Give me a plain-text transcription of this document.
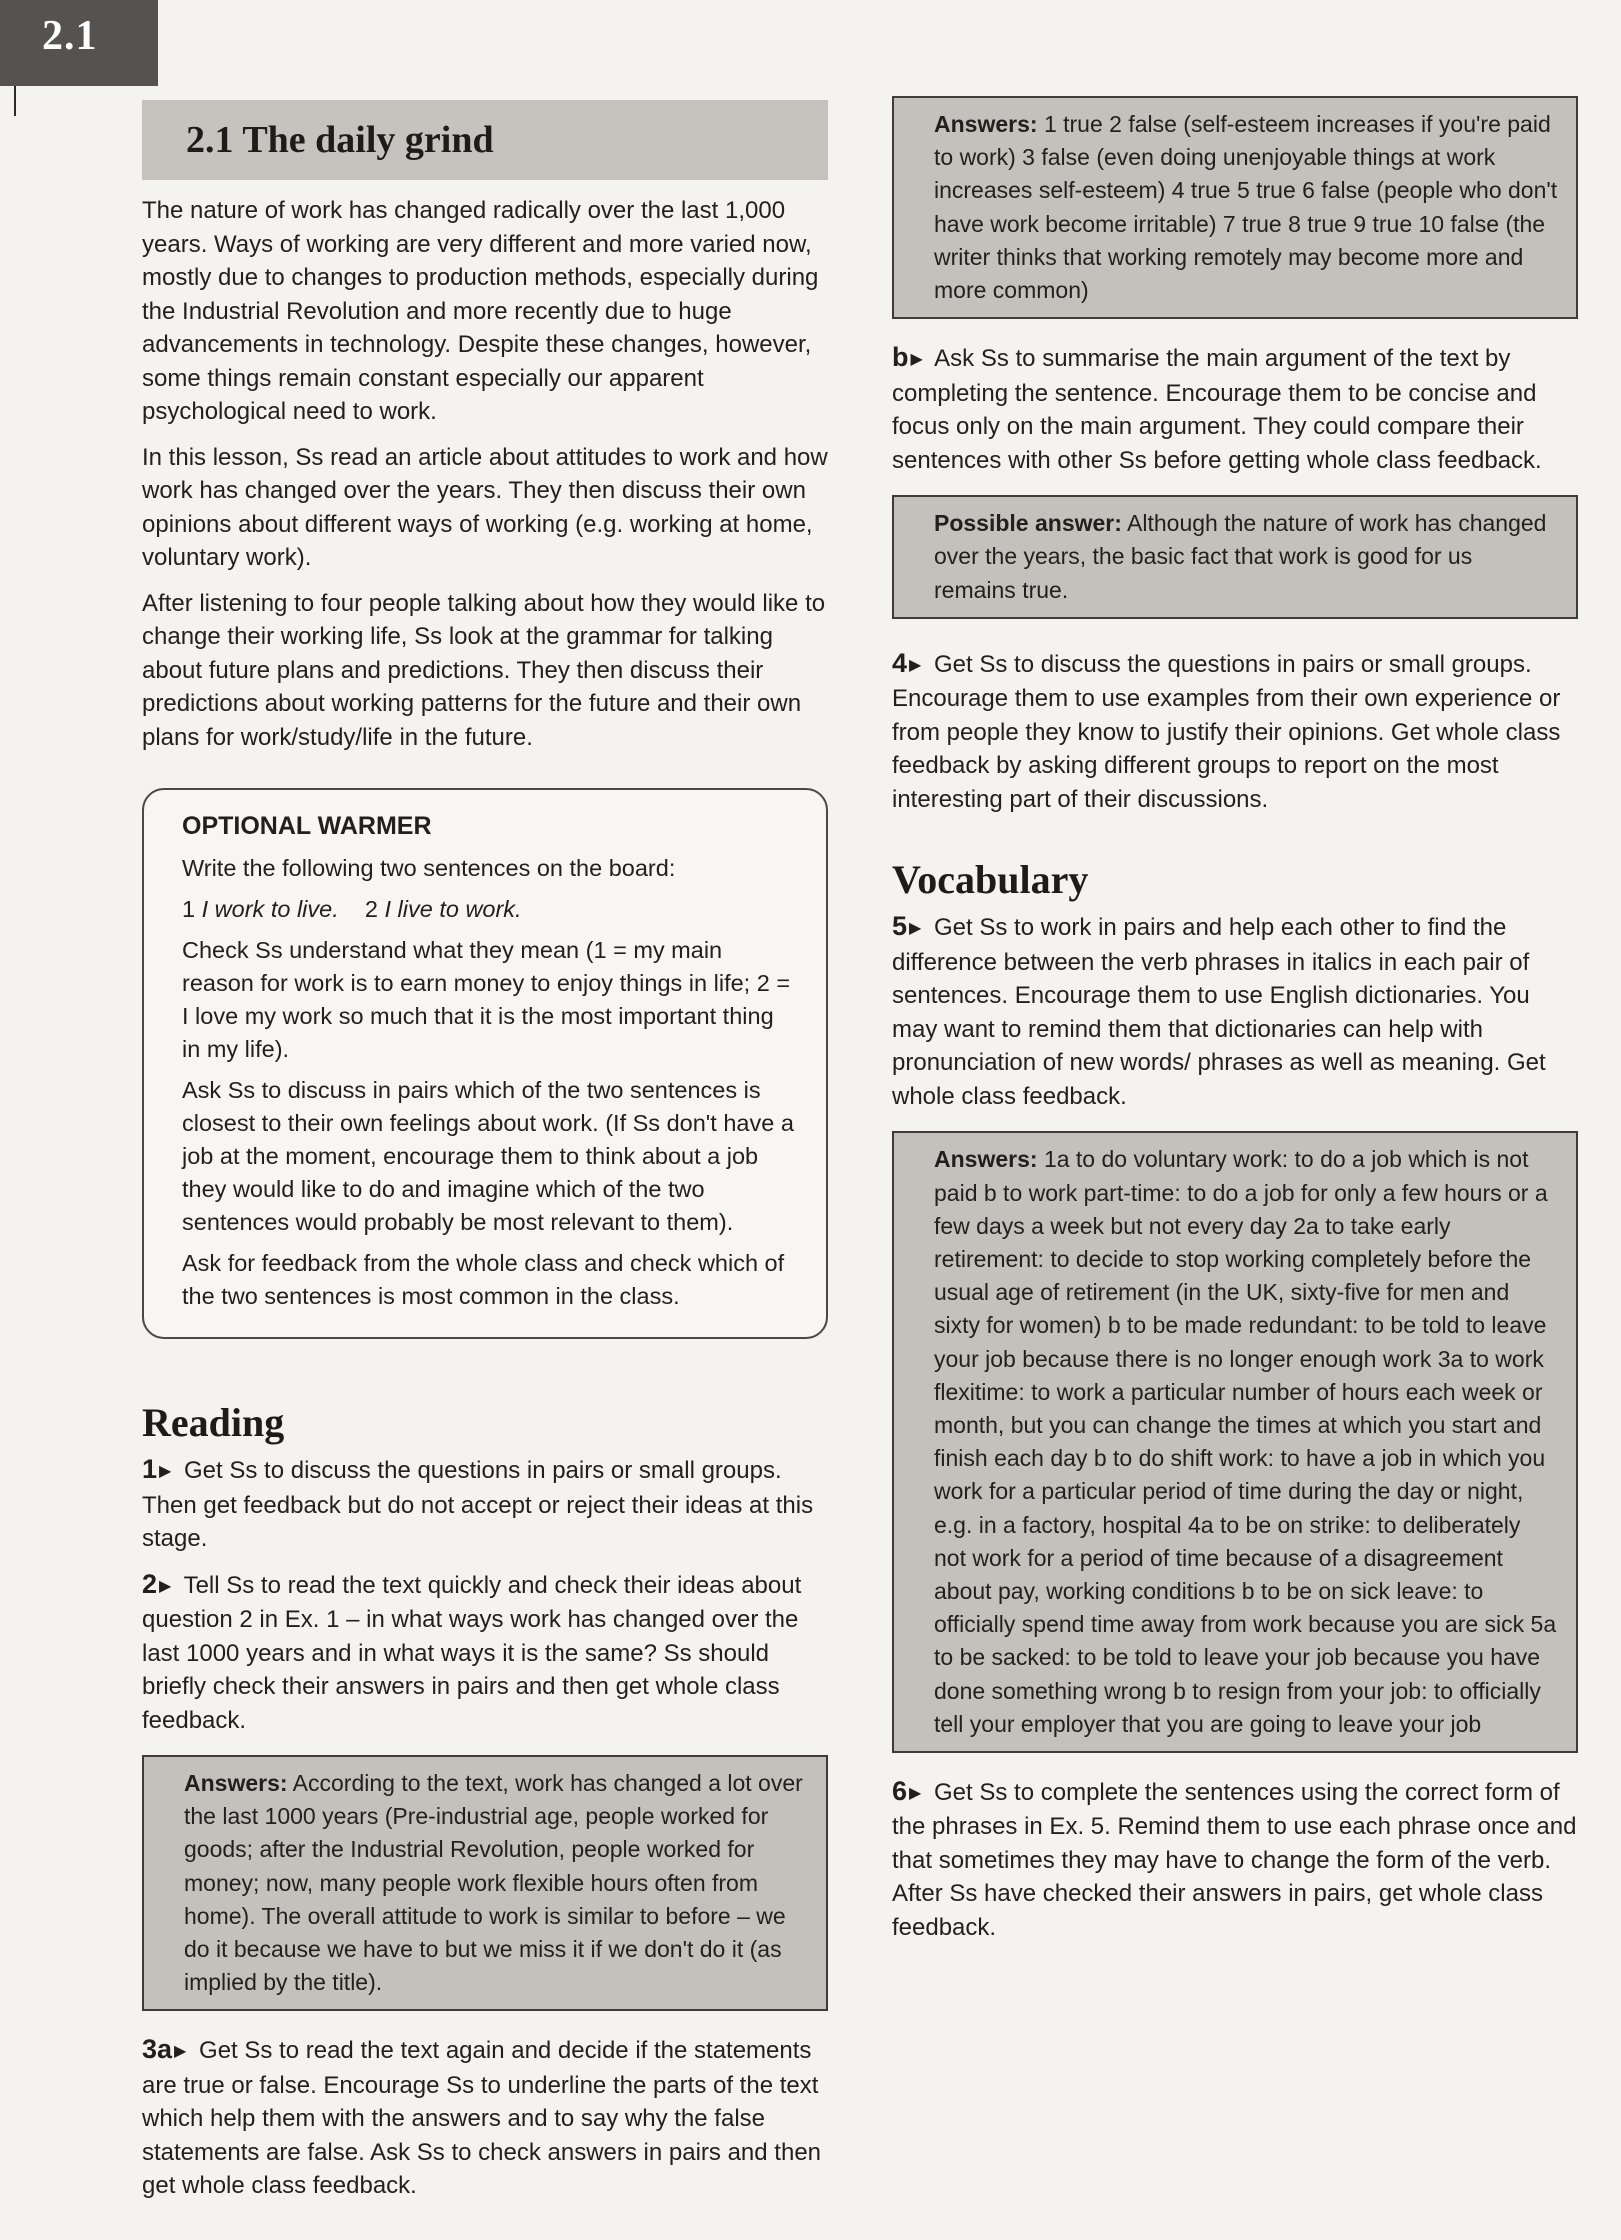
2.1
2.1 The daily grind

The nature of work has changed radically over the last 1,000 years. Ways of working are very different and more varied now, mostly due to changes to production methods, especially during the Industrial Revolution and more recently due to huge advancements in technology. Despite these changes, however, some things remain constant especially our apparent psychological need to work.

In this lesson, Ss read an article about attitudes to work and how work has changed over the years. They then discuss their own opinions about different ways of working (e.g. working at home, voluntary work).

After listening to four people talking about how they would like to change their working life, Ss look at the grammar for talking about future plans and predictions. They then discuss their predictions about working patterns for the future and their own plans for work/study/life in the future.

OPTIONAL WARMER

Write the following two sentences on the board:

1 I work to live. 2 I live to work.

Check Ss understand what they mean (1 = my main reason for work is to earn money to enjoy things in life; 2 = I love my work so much that it is the most important thing in my life).

Ask Ss to discuss in pairs which of the two sentences is closest to their own feelings about work. (If Ss don't have a job at the moment, encourage them to think about a job they would like to do and imagine which of the two sentences would probably be most relevant to them).

Ask for feedback from the whole class and check which of the two sentences is most common in the class.

Reading

1 ▶ Get Ss to discuss the questions in pairs or small groups. Then get feedback but do not accept or reject their ideas at this stage.

2 ▶ Tell Ss to read the text quickly and check their ideas about question 2 in Ex. 1 – in what ways work has changed over the last 1000 years and in what ways it is the same? Ss should briefly check their answers in pairs and then get whole class feedback.

Answers: According to the text, work has changed a lot over the last 1000 years (Pre-industrial age, people worked for goods; after the Industrial Revolution, people worked for money; now, many people work flexible hours often from home). The overall attitude to work is similar to before – we do it because we have to but we miss it if we don't do it (as implied by the title).

3a ▶ Get Ss to read the text again and decide if the statements are true or false. Encourage Ss to underline the parts of the text which help them with the answers and to say why the false statements are false. Ask Ss to check answers in pairs and then get whole class feedback.

Answers: 1 true 2 false (self-esteem increases if you're paid to work) 3 false (even doing unenjoyable things at work increases self-esteem) 4 true 5 true 6 false (people who don't have work become irritable) 7 true 8 true 9 true 10 false (the writer thinks that working remotely may become more and more common)

b ▶ Ask Ss to summarise the main argument of the text by completing the sentence. Encourage them to be concise and focus only on the main argument. They could compare their sentences with other Ss before getting whole class feedback.

Possible answer: Although the nature of work has changed over the years, the basic fact that work is good for us remains true.

4 ▶ Get Ss to discuss the questions in pairs or small groups. Encourage them to use examples from their own experience or from people they know to justify their opinions. Get whole class feedback by asking different groups to report on the most interesting part of their discussions.

Vocabulary

5 ▶ Get Ss to work in pairs and help each other to find the difference between the verb phrases in italics in each pair of sentences. Encourage them to use English dictionaries. You may want to remind them that dictionaries can help with pronunciation of new words/ phrases as well as meaning. Get whole class feedback.

Answers: 1a to do voluntary work: to do a job which is not paid b to work part-time: to do a job for only a few hours or a few days a week but not every day 2a to take early retirement: to decide to stop working completely before the usual age of retirement (in the UK, sixty-five for men and sixty for women) b to be made redundant: to be told to leave your job because there is no longer enough work 3a to work flexitime: to work a particular number of hours each week or month, but you can change the times at which you start and finish each day b to do shift work: to have a job in which you work for a particular period of time during the day or night, e.g. in a factory, hospital 4a to be on strike: to deliberately not work for a period of time because of a disagreement about pay, working conditions b to be on sick leave: to officially spend time away from work because you are sick 5a to be sacked: to be told to leave your job because you have done something wrong b to resign from your job: to officially tell your employer that you are going to leave your job

6 ▶ Get Ss to complete the sentences using the correct form of the phrases in Ex. 5. Remind them to use each phrase once and that sometimes they may have to change the form of the verb. After Ss have checked their answers in pairs, get whole class feedback.
